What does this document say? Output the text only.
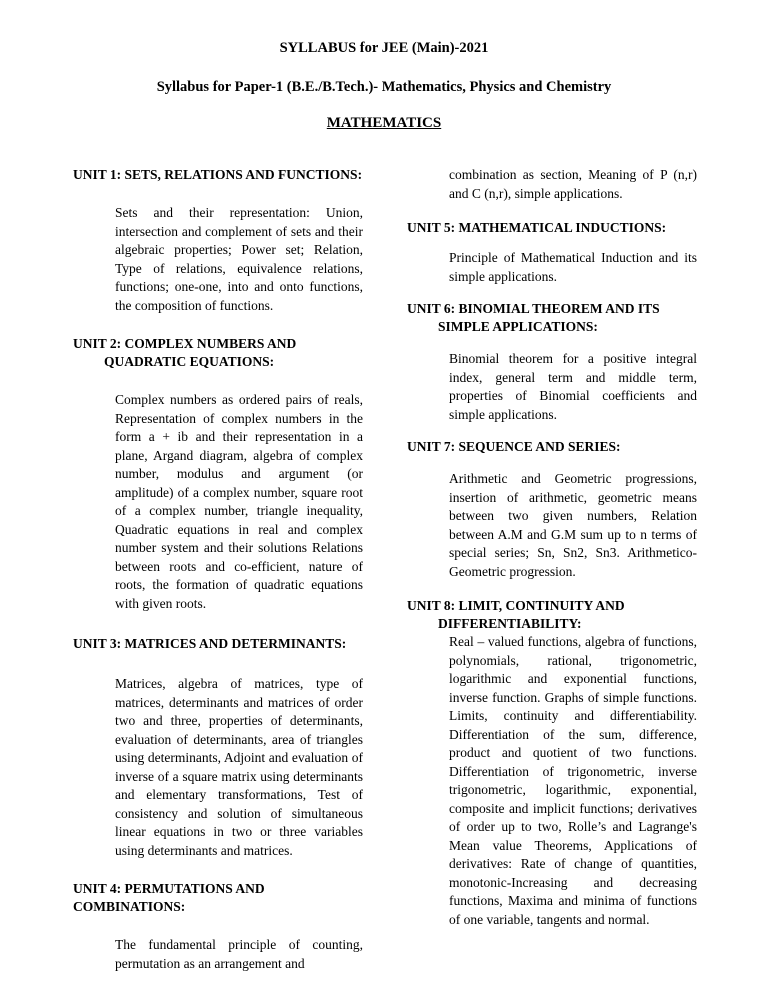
SYLLABUS for JEE (Main)-2021
Syllabus for Paper-1 (B.E./B.Tech.)- Mathematics, Physics and Chemistry
MATHEMATICS
UNIT 1: SETS, RELATIONS AND FUNCTIONS:
Sets and their representation: Union, intersection and complement of sets and their algebraic properties; Power set; Relation, Type of relations, equivalence relations, functions; one-one, into and onto functions, the composition of functions.
UNIT 2: COMPLEX NUMBERS AND QUADRATIC EQUATIONS:
Complex numbers as ordered pairs of reals, Representation of complex numbers in the form a + ib and their representation in a plane, Argand diagram, algebra of complex number, modulus and argument (or amplitude) of a complex number, square root of a complex number, triangle inequality, Quadratic equations in real and complex number system and their solutions Relations between roots and co-efficient, nature of roots, the formation of quadratic equations with given roots.
UNIT 3: MATRICES AND DETERMINANTS:
Matrices, algebra of matrices, type of matrices, determinants and matrices of order two and three, properties of determinants, evaluation of determinants, area of triangles using determinants, Adjoint and evaluation of inverse of a square matrix using determinants and elementary transformations, Test of consistency and solution of simultaneous linear equations in two or three variables using determinants and matrices.
UNIT 4: PERMUTATIONS AND COMBINATIONS:
The fundamental principle of counting, permutation as an arrangement and
combination as section, Meaning of P (n,r) and C (n,r), simple applications.
UNIT 5: MATHEMATICAL INDUCTIONS:
Principle of Mathematical Induction and its simple applications.
UNIT 6: BINOMIAL THEOREM AND ITS SIMPLE APPLICATIONS:
Binomial theorem for a positive integral index, general term and middle term, properties of Binomial coefficients and simple applications.
UNIT 7: SEQUENCE AND SERIES:
Arithmetic and Geometric progressions, insertion of arithmetic, geometric means between two given numbers, Relation between A.M and G.M sum up to n terms of special series; Sn, Sn2, Sn3. Arithmetico-Geometric progression.
UNIT 8: LIMIT, CONTINUITY AND DIFFERENTIABILITY:
Real – valued functions, algebra of functions, polynomials, rational, trigonometric, logarithmic and exponential functions, inverse function. Graphs of simple functions. Limits, continuity and differentiability. Differentiation of the sum, difference, product and quotient of two functions. Differentiation of trigonometric, inverse trigonometric, logarithmic, exponential, composite and implicit functions; derivatives of order up to two, Rolle’s and Lagrange's Mean value Theorems, Applications of derivatives: Rate of change of quantities, monotonic-Increasing and decreasing functions, Maxima and minima of functions of one variable, tangents and normal.
